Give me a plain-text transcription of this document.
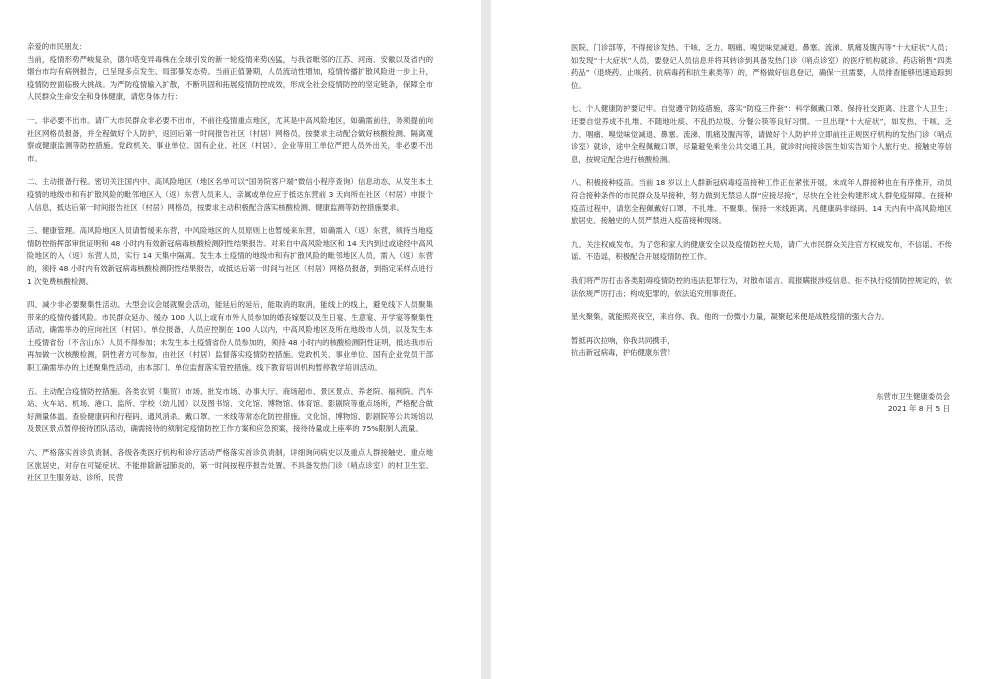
亲爱的市民朋友：

当前，疫情形势严峻复杂，德尔塔变异毒株在全球引发的新一轮疫情来势凶猛，与我省毗邻的江苏、河南、安徽以及省内的烟台市均有病例报告，已呈现多点发生、局部暴发态势。当前正值暑期，人员流动性增加，疫情传播扩散风险进一步上升，疫情防控面临极大挑战。为严防疫情输入扩散，不断巩固和拓展疫情防控成效，形成全社会疫情防控的坚定链条，保障全市人民群众生命安全和身体健康，请您身体力行：

一、非必要不出市。请广大市民群众非必要不出市，不前往疫情重点地区，尤其是中高风险地区，如确需前往，务须提前向社区网格员报备，并全程做好个人防护，返回后第一时间报告社区（村居）网格员，按要求主动配合做好核酸检测、隔离观察或健康监测等防控措施。党政机关、事业单位、国有企业、社区（村居）、企业等用工单位严把人员外出关，非必要不出市。

二、主动报备行程。密切关注国内中、高风险地区（地区名单可以“国务院客户端”微信小程序查询）信息动态，从发生本土疫情的地级市和有扩散风险的毗邻地区入（返）东营人员来人、亲属或单位应于抵达东营前 3 天向所在社区（村居）申报个人信息，抵达后第一时间报告社区（村居）网格员，按要求主动积极配合落实核酸检测、健康监测等防控措施要求。

三、健康管理。高风险地区人员请暂缓来东营，中风险地区的人员原则上也暂缓来东营，如确需入（返）东营，须持当地疫情防控指挥部审批证明和 48 小时内有效新冠病毒核酸检测阴性结果报告。对来自中高风险地区和 14 天内到过或途经中高风险地区的入（返）东营人员，实行 14 天集中隔离。发生本土疫情的地级市和有扩散风险的毗邻地区人员，需入（返）东营的，须持 48 小时内有效新冠病毒核酸检测阴性结果报告，或抵达后第一时间与社区（村居）网格员报备，到指定采样点进行 1 次免费核酸检测。

四、减少非必要聚集性活动。大型会议会展就聚会活动，能延后的延后，能取消的取消，能线上的线上，避免线下人员聚集带来的疫情传播风险。市民群众延办、缓办 100 人以上或有市外人员参加的婚丧嫁娶以及生日宴、生意宴、开学宴等聚集性活动，确需举办的应向社区（村居）、单位报备，人员应控制在 100 人以内，中高风险地区及所在地级市人员，以及发生本土疫情省份（不含山东）人员不得参加；未发生本土疫情省份人员参加的，须持 48 小时内的核酸检测阴性证明，抵达我市后再加做一次核酸检测，阴性者方可参加，由社区（村居）监督落实疫情防控措施。党政机关、事业单位、国有企业党员干部职工确需举办的上述聚集性活动，由本部门、单位监督落实管控措施。线下教育培训机构暂停教学培训活动。

五、主动配合疫情防控措施。各类农贸（集贸）市场、批发市场、办事大厅、商场超市、景区景点、养老院、福利院、汽车站、火车站、机场、港口、监所、学校（幼儿园）以及图书馆、文化馆、博物馆、体育馆、影剧院等重点场所，严格配合做好测量体温、查验健康码和行程码、通风消杀、戴口罩、一米线等常态化防控措施。文化馆、博物馆、影剧院等公共场馆以及景区景点暂停接待团队活动，确需接待的须制定疫情防控工作方案和应急预案，接待待量或上座率的 75%限制人流量。

六、严格落实首诊负责制。各级各类医疗机构和诊疗活动严格落实首诊负责制，详细询问病史以及重点人群接触史、重点地区旅居史，对存在可疑症状、不能排除新冠肺炎的，第一时间按程序报告处置。不具备发热门诊（哨点诊室）的村卫生室、社区卫生服务站、诊所、民营

医院、门诊部等，不得接诊发热、干咳、乏力、咽痛、嗅觉味觉减退、鼻塞、流涕、肌痛及腹泻等“十大症状”人员；如发现“十大症状”人员，要登记人员信息并将其转诊到具备发热门诊（哨点诊室）的医疗机构就诊。药店销售“四类药品”（退烧药、止咳药、抗病毒药和抗生素类等）的，严格做好信息登记，确保一旦需要，人员排查能够迅速追踪到位。

七、个人健康防护要记牢。自觉遵守防疫措施，落实“防疫三件套”：科学佩戴口罩、保持社交距离、注意个人卫生；还要自觉养成不扎堆、不随地吐痰、不乱扔垃圾、分餐公筷等良好习惯。一旦出现“十大症状”，如发热、干咳、乏力、咽痛、嗅觉味觉减退、鼻塞、流涕、肌痛及腹泻等，请做好个人防护并立即前往正规医疗机构的发热门诊（哨点诊室）就诊，途中全程佩戴口罩，尽量避免乘坐公共交通工具，就诊时向接诊医生如实告知个人旅行史、接触史等信息，按规定配合进行核酸检测。

八、积极接种疫苗。当前 18 岁以上人群新冠病毒疫苗接种工作正在紧张开展，未成年人群接种也在有序推开，动员符合接种条件的市民群众及早接种，努力做到无禁忌人群“应接尽接”，尽快在全社会构建形成人群免疫屏障。在接种疫苗过程中，请您全程佩戴好口罩、不扎堆、不聚集、保持一米线距离。凡健康码非绿码、14 天内有中高风险地区旅居史、接触史的人员严禁进入疫苗接种现场。

九、关注权威发布。为了您和家人的健康安全以及疫情防控大局，请广大市民群众关注官方权威发布，不信谣、不传谣、不造谣，积极配合开展疫情防控工作。

我们将严厉打击各类阻碍疫情防控的违法犯罪行为，对散布谣言、谎报瞒报涉疫信息、拒不执行疫情防控规定的，依法依规严厉打击；构成犯罪的，依法追究刑事责任。

星火聚集，就能照亮夜空，来自你、我、他的一份微小力量，凝聚起来便是战胜疫情的强大合力。

暂抵再次拉响，你我共同携手，
抗击新冠病毒，护佑健康东营！

东营市卫生健康委员会
2021 年 8 月 5 日
